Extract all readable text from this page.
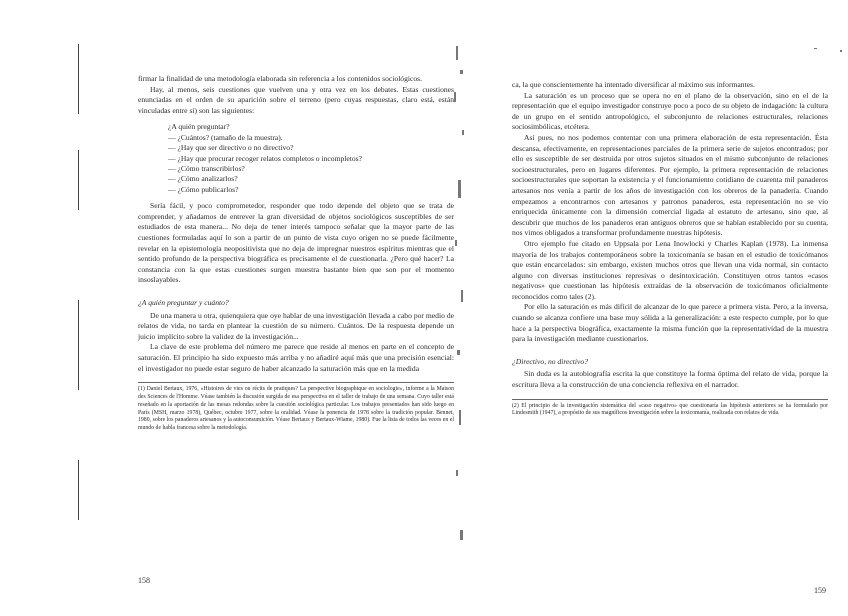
firmar la finalidad de una metodología elaborada sin referencia a los contenidos sociológicos.

Hay, al menos, seis cuestiones que vuelven una y otra vez en los debates. Estas cuestiones enunciadas en el orden de su aparición sobre el terreno (pero cuyas respuestas, claro está, están vinculadas entre sí) son las siguientes:

¿A quién preguntar?
— ¿Cuántos? (tamaño de la muestra).
— ¿Hay que ser directivo o no directivo?
— ¿Hay que procurar recoger relatos completos o incompletos?
— ¿Cómo transcribirlos?
— ¿Cómo analizarlos?
— ¿Cómo publicarlos?

Sería fácil, y poco comprometedor, responder que todo depende del objeto que se trata de comprender, y añadamos de entrever la gran diversidad de objetos sociológicos susceptibles de ser estudiados de esta manera... No deja de tener interés tampoco señalar que la mayor parte de las cuestiones formuladas aquí lo son a partir de un punto de vista cuyo origen no se puede fácilmente revelar en la epistemología neopositivista que no deja de impregnar nuestros espíritus mientras que el sentido profundo de la perspectiva biográfica es precisamente el de cuestionarla. ¿Pero qué hacer? La constancia con la que estas cuestiones surgen muestra bastante bien que son por el momento insoslayables.

¿A quién preguntar y cuánto?

De una manera u otra, quienquiera que oye hablar de una investigación llevada a cabo por medio de relatos de vida, no tarda en plantear la cuestión de su número. Cuántos. De la respuesta depende un juicio implícito sobre la validez de la investigación...

La clave de este problema del número me parece que reside al menos en parte en el concepto de saturación. El principio ha sido expuesto más arriba y no añadiré aquí más que una precisión esencial: el investigador no puede estar seguro de haber alcanzado la saturación más que en la medida

(1) Daniel Bertaux, 1976, «Histoires de vies ou récits de pratiques? La perspective biographique en sociologie», informe a la Maison des Sciences de l'Homme. Véase también la discusión surgida de esa perspectiva en el taller de trabajo de una semana. Cuyo taller está reseñado en la aportación de las mesas redondas sobre la cuestión sociológica particular. Los trabajos presentados han sido luego en París (MSH, marzo 1978), Québec, octubre 1977, sobre la oralidad. Véase la ponencia de 1978 sobre la tradición popular. Bennet, 1980, sobre los panaderos artesanos y la autoconsumición. Véase Bertaux y Bertaux-Wiame, 1980). Fue la lista de todos las veces en el mundo de habla francesa sobre la metodología.
158

ca, la que conscientemente ha intentado diversificar al máximo sus informantes.

La saturación es un proceso que se opera no en el plano de la observación, sino en el de la representación que el equipo investigador construye poco a poco de su objeto de indagación: la cultura de un grupo en el sentido antropológico, el subconjunto de relaciones estructurales, relaciones sociosimbólicas, etcétera.

Así pues, no nos podemos contentar con una primera elaboración de esta representación. Ésta descansa, efectivamente, en representaciones parciales de la primera serie de sujetos encontrados; por ello es susceptible de ser destruida por otros sujetos situados en el mismo subconjunto de relaciones socioestructurales, pero en lugares diferentes. Por ejemplo, la primera representación de relaciones socioestructurales que soportan la existencia y el funcionamiento cotidiano de cuarenta mil panaderos artesanos nos venía a partir de los años de investigación con los obreros de la panadería. Cuando empezamos a encontrarnos con artesanos y patronos panaderos, esta representación no se vio enriquecida únicamente con la dimensión comercial ligada al estatuto de artesano, sino que, al descubrir que muchos de los panaderos eran antiguos obreros que se habían establecido por su cuenta, nos vimos obligados a transformar profundamente nuestras hipótesis.

Otro ejemplo fue citado en Uppsala por Lena Inowlocki y Charles Kaplan (1978). La inmensa mayoría de los trabajos contemporáneos sobre la toxicomanía se basan en el estudio de toxicómanos que están encarcelados: sin embargo, existen muchos otros que llevan una vida normal, sin contacto alguno con diversas instituciones represivas o desintoxicación. Constituyen otros tantos «casos negativos» que cuestionan las hipótesis extraídas de la observación de toxicómanos oficialmente reconocidos como tales (2).

Por ello la saturación es más difícil de alcanzar de lo que parece a primera vista. Pero, a la inversa, cuando se alcanza confiere una base muy sólida a la generalización: a este respecto cumple, por lo que hace a la perspectiva biográfica, exactamente la misma función que la representatividad de la muestra para la investigación mediante cuestionarios.

¿Directivo, no directivo?

Sin duda es la autobiografía escrita la que constituye la forma óptima del relato de vida, porque la escritura lleva a la construcción de una conciencia reflexiva en el narrador.

(2) El principio de la investigación sistemática del «caso negativo» que cuestionaría las hipótesis anteriores se ha formulado por Lindesmith (1947), a propósito de sus magníficos investigación sobre la toxicomanía, realizada con relatos de vida.
159
